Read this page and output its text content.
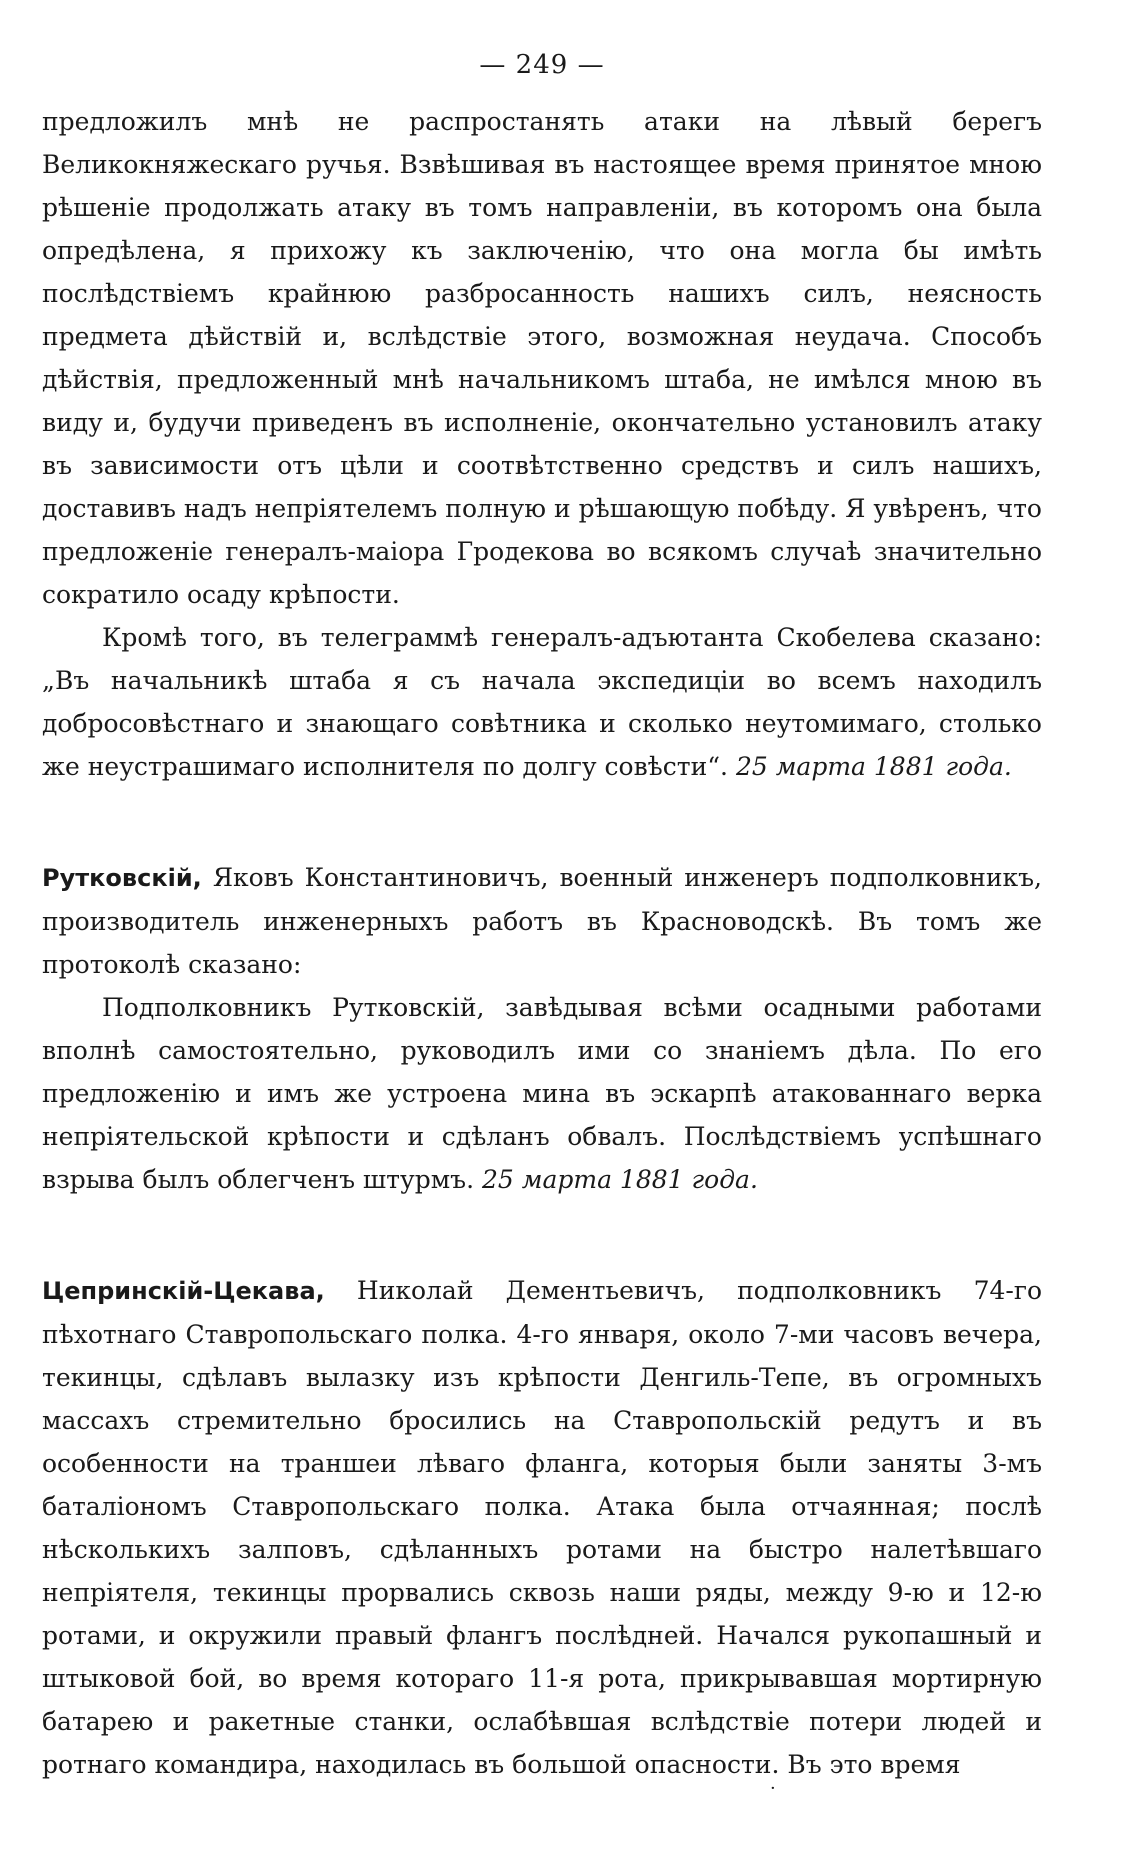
— 249 —

предложилъ мнѣ не распростанять атаки на лѣвый берегъ Великокняжескаго ручья. Взвѣшивая въ настоящее время принятое мною рѣшеніе продолжать атаку въ томъ направленіи, въ которомъ она была опредѣлена, я прихожу къ заключенію, что она могла бы имѣть послѣдствіемъ крайнюю разбросанность нашихъ силъ, неясность предмета дѣйствій и, вслѣдствіе этого, возможная неудача. Способъ дѣйствія, предложенный мнѣ начальникомъ штаба, не имѣлся мною въ виду и, будучи приведенъ въ исполненіе, окончательно установилъ атаку въ зависимости отъ цѣли и соотвѣтственно средствъ и силъ нашихъ, доставивъ надъ непріятелемъ полную и рѣшающую побѣду. Я увѣренъ, что предложеніе генералъ-маіора Гродекова во всякомъ случаѣ значительно сократило осаду крѣпости.

Кромѣ того, въ телеграммѣ генералъ-адъютанта Скобелева сказано: „Въ начальникѣ штаба я съ начала экспедиціи во всемъ находилъ добросовѣстнаго и знающаго совѣтника и сколько неутомимаго, столько же неустрашимаго исполнителя по долгу совѣсти“. 25 марта 1881 года.

Рутковскій, Яковъ Константиновичъ, военный инженеръ подполковникъ, производитель инженерныхъ работъ въ Красноводскѣ. Въ томъ же протоколѣ сказано:

Подполковникъ Рутковскій, завѣдывая всѣми осадными работами вполнѣ самостоятельно, руководилъ ими со знаніемъ дѣла. По его предложенію и имъ же устроена мина въ эскарпѣ атакованнаго верка непріятельской крѣпости и сдѣланъ обвалъ. Послѣдствіемъ успѣшнаго взрыва былъ облегченъ штурмъ. 25 марта 1881 года.

Цепринскій-Цекава, Николай Дементьевичъ, подполковникъ 74-го пѣхотнаго Ставропольскаго полка. 4-го января, около 7-ми часовъ вечера, текинцы, сдѣлавъ вылазку изъ крѣпости Денгиль-Тепе, въ огромныхъ массахъ стремительно бросились на Ставропольскій редутъ и въ особенности на траншеи лѣваго фланга, которыя были заняты 3-мъ баталіономъ Ставропольскаго полка. Атака была отчаянная; послѣ нѣсколькихъ залповъ, сдѣланныхъ ротами на быстро налетѣвшаго непріятеля, текинцы прорвались сквозь наши ряды, между 9-ю и 12-ю ротами, и окружили правый флангъ послѣдней. Начался рукопашный и штыковой бой, во время котораго 11-я рота, прикрывавшая мортирную батарею и ракетные станки, ослабѣвшая вслѣдствіе потери людей и ротнаго командира, находилась въ большой опасности. Въ это время

·
